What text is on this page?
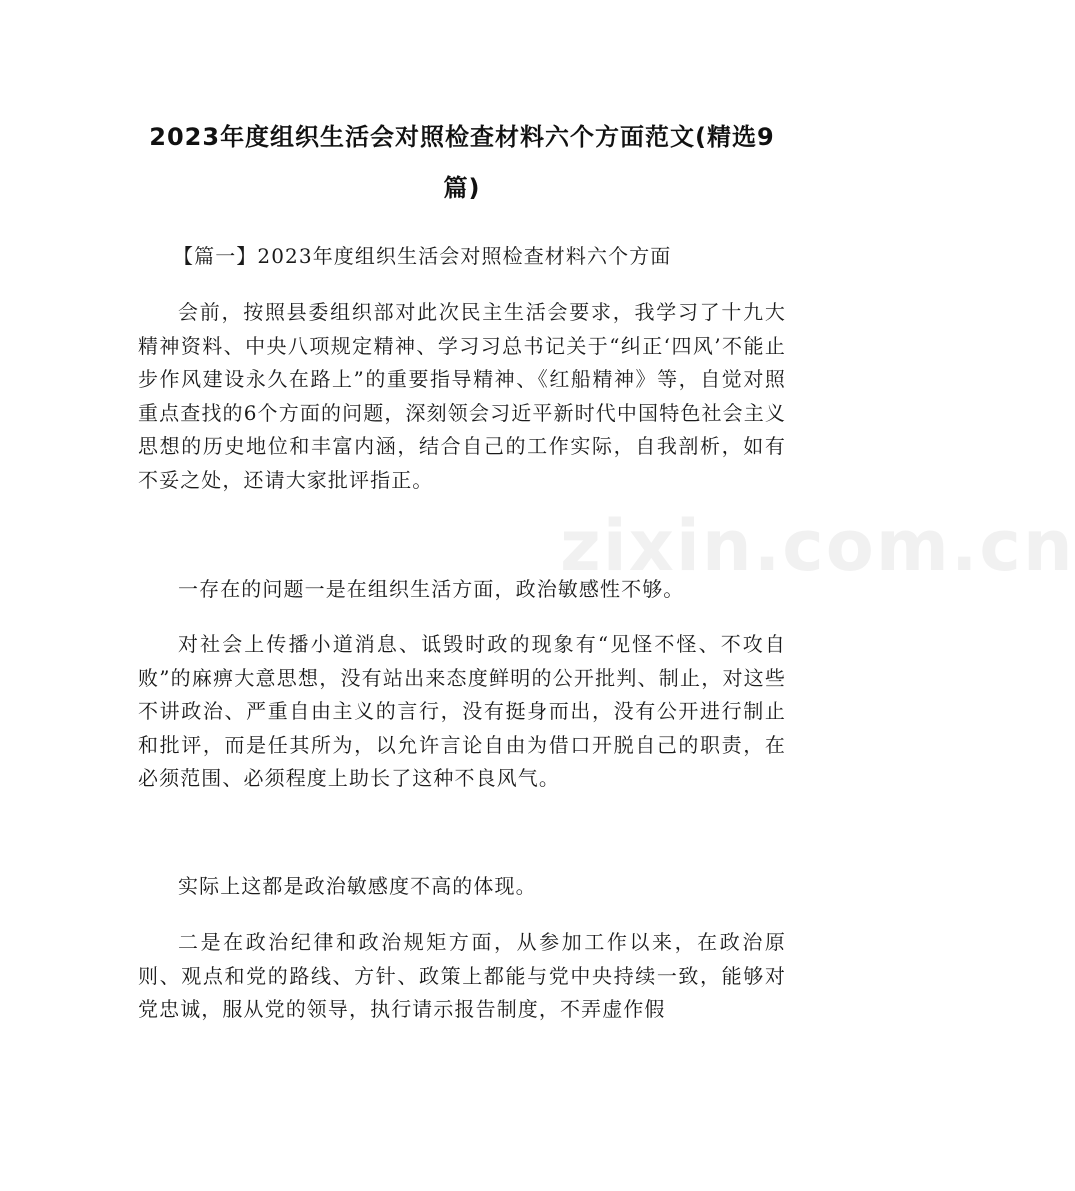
2023年度组织生活会对照检查材料六个方面范文(精选9篇)

【篇一】2023年度组织生活会对照检查材料六个方面

会前，按照县委组织部对此次民主生活会要求，我学习了十九大精神资料、中央八项规定精神、学习习总书记关于“纠正‘四风’不能止步作风建设永久在路上”的重要指导精神、《红船精神》等，自觉对照重点查找的6个方面的问题，深刻领会习近平新时代中国特色社会主义思想的历史地位和丰富内涵，结合自己的工作实际，自我剖析，如有不妥之处，还请大家批评指正。

一存在的问题一是在组织生活方面，政治敏感性不够。

对社会上传播小道消息、诋毁时政的现象有“见怪不怪、不攻自败”的麻痹大意思想，没有站出来态度鲜明的公开批判、制止，对这些不讲政治、严重自由主义的言行，没有挺身而出，没有公开进行制止和批评，而是任其所为，以允许言论自由为借口开脱自己的职责，在必须范围、必须程度上助长了这种不良风气。

实际上这都是政治敏感度不高的体现。

二是在政治纪律和政治规矩方面，从参加工作以来，在政治原则、观点和党的路线、方针、政策上都能与党中央持续一致，能够对党忠诚，服从党的领导，执行请示报告制度，不弄虚作假

zixin.com.cn
